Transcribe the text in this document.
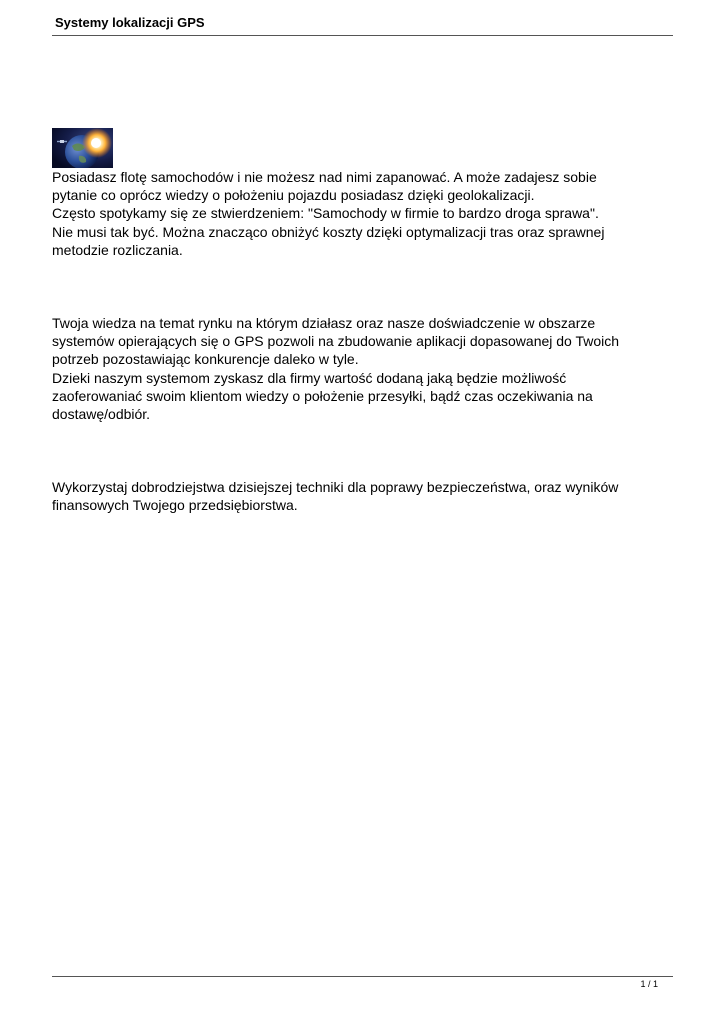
Systemy lokalizacji GPS

Posiadasz flotę samochodów i nie możesz nad nimi zapanować. A może zadajesz sobie

pytanie co oprócz wiedzy o położeniu pojazdu posiadasz dzięki geolokalizacji.

Często spotykamy się ze stwierdzeniem: "Samochody w firmie to bardzo droga sprawa".

Nie musi tak być. Można znacząco obniżyć koszty dzięki optymalizacji tras oraz sprawnej

metodzie rozliczania.

Twoja wiedza na temat rynku na którym działasz oraz nasze doświadczenie w obszarze

systemów opierających się o GPS pozwoli na zbudowanie aplikacji dopasowanej do Twoich

potrzeb pozostawiając konkurencje daleko w tyle.

Dzieki naszym systemom zyskasz dla firmy wartość dodaną jaką będzie możliwość

zaoferowaniać swoim klientom wiedzy o położenie przesyłki, bądź czas oczekiwania na

dostawę/odbiór.

Wykorzystaj dobrodziejstwa dzisiejszej techniki dla poprawy bezpieczeństwa, oraz wyników

finansowych Twojego przedsiębiorstwa.

1 / 1
